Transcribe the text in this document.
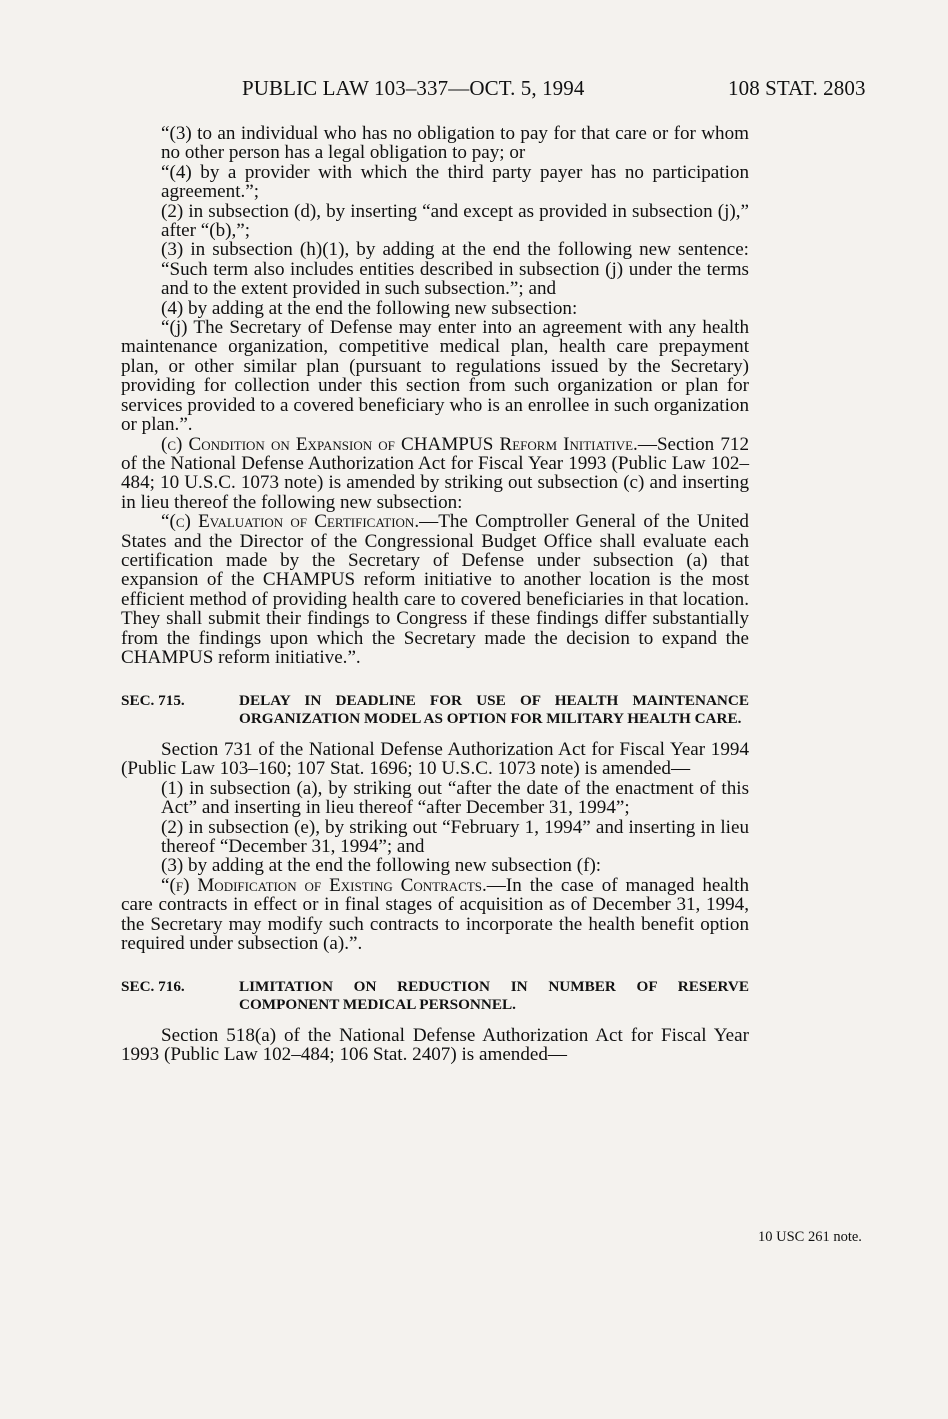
PUBLIC LAW 103–337—OCT. 5, 1994	108 STAT. 2803

“(3) to an individual who has no obligation to pay for that care or for whom no other person has a legal obligation to pay; or

“(4) by a provider with which the third party payer has no participation agreement.”;

(2) in subsection (d), by inserting “and except as provided in subsection (j),” after “(b),”;

(3) in subsection (h)(1), by adding at the end the following new sentence: “Such term also includes entities described in subsection (j) under the terms and to the extent provided in such subsection.”; and

(4) by adding at the end the following new subsection:

“(j) The Secretary of Defense may enter into an agreement with any health maintenance organization, competitive medical plan, health care prepayment plan, or other similar plan (pursuant to regulations issued by the Secretary) providing for collection under this section from such organization or plan for services provided to a covered beneficiary who is an enrollee in such organization or plan.”.

(c) Condition on Expansion of CHAMPUS Reform Initiative.—Section 712 of the National Defense Authorization Act for Fiscal Year 1993 (Public Law 102–484; 10 U.S.C. 1073 note) is amended by striking out subsection (c) and inserting in lieu thereof the following new subsection:

“(c) Evaluation of Certification.—The Comptroller General of the United States and the Director of the Congressional Budget Office shall evaluate each certification made by the Secretary of Defense under subsection (a) that expansion of the CHAMPUS reform initiative to another location is the most efficient method of providing health care to covered beneficiaries in that location. They shall submit their findings to Congress if these findings differ substantially from the findings upon which the Secretary made the decision to expand the CHAMPUS reform initiative.”.

SEC. 715.	DELAY IN DEADLINE FOR USE OF HEALTH MAINTENANCE ORGANIZATION MODEL AS OPTION FOR MILITARY HEALTH CARE.

Section 731 of the National Defense Authorization Act for Fiscal Year 1994 (Public Law 103–160; 107 Stat. 1696; 10 U.S.C. 1073 note) is amended—

(1) in subsection (a), by striking out “after the date of the enactment of this Act” and inserting in lieu thereof “after December 31, 1994”;

(2) in subsection (e), by striking out “February 1, 1994” and inserting in lieu thereof “December 31, 1994”; and

(3) by adding at the end the following new subsection (f):

“(f) Modification of Existing Contracts.—In the case of managed health care contracts in effect or in final stages of acquisition as of December 31, 1994, the Secretary may modify such contracts to incorporate the health benefit option required under subsection (a).”.

SEC. 716.	LIMITATION ON REDUCTION IN NUMBER OF RESERVE COMPONENT MEDICAL PERSONNEL.

Section 518(a) of the National Defense Authorization Act for Fiscal Year 1993 (Public Law 102–484; 106 Stat. 2407) is amended—

10 USC 261 note.
